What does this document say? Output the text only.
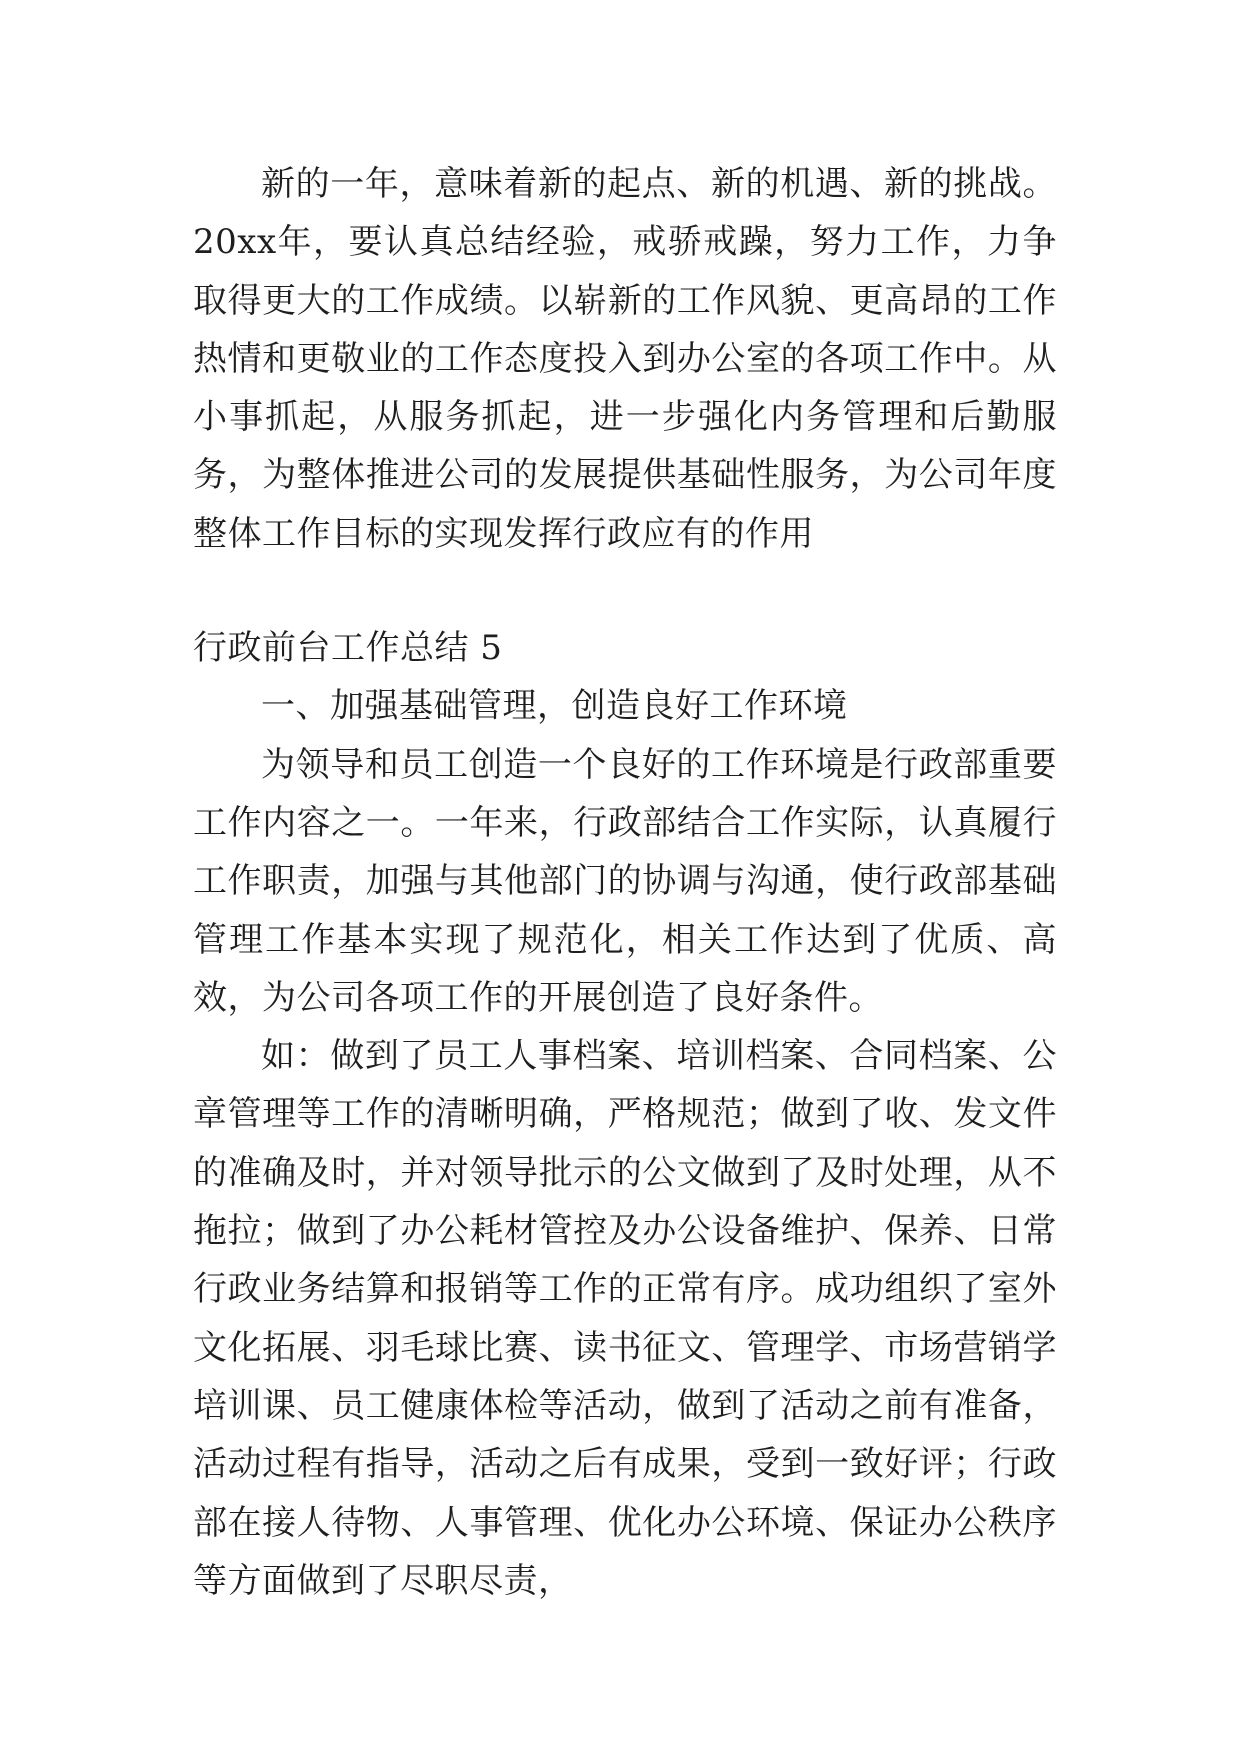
新的一年，意味着新的起点、新的机遇、新的挑战。20xx年，要认真总结经验，戒骄戒躁，努力工作，力争取得更大的工作成绩。以崭新的工作风貌、更高昂的工作热情和更敬业的工作态度投入到办公室的各项工作中。从小事抓起，从服务抓起，进一步强化内务管理和后勤服务，为整体推进公司的发展提供基础性服务，为公司年度整体工作目标的实现发挥行政应有的作用

行政前台工作总结 5

一、加强基础管理，创造良好工作环境

为领导和员工创造一个良好的工作环境是行政部重要工作内容之一。一年来，行政部结合工作实际，认真履行工作职责，加强与其他部门的协调与沟通，使行政部基础管理工作基本实现了规范化，相关工作达到了优质、高效，为公司各项工作的开展创造了良好条件。

如：做到了员工人事档案、培训档案、合同档案、公章管理等工作的清晰明确，严格规范；做到了收、发文件的准确及时，并对领导批示的公文做到了及时处理，从不拖拉；做到了办公耗材管控及办公设备维护、保养、日常行政业务结算和报销等工作的正常有序。成功组织了室外文化拓展、羽毛球比赛、读书征文、管理学、市场营销学培训课、员工健康体检等活动，做到了活动之前有准备，活动过程有指导，活动之后有成果，受到一致好评；行政部在接人待物、人事管理、优化办公环境、保证办公秩序等方面做到了尽职尽责，
